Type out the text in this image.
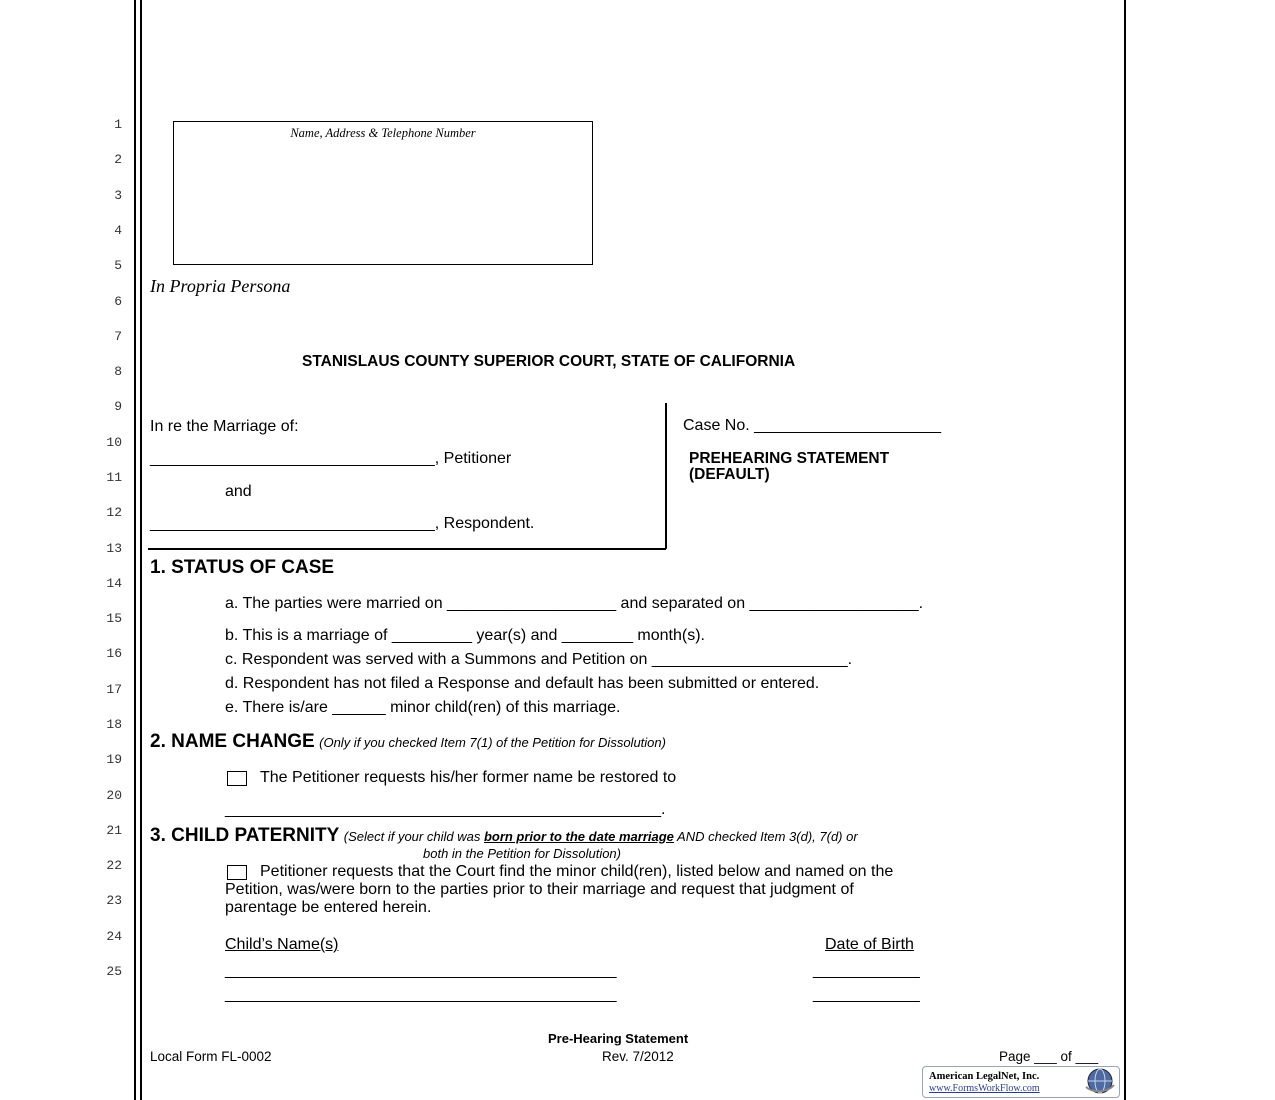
1
2
3
4
5
6
7
8
9
10
11
12
13
14
15
16
17
18
19
20
21
22
23
24
25
Name, Address & Telephone Number
In Propria Persona
STANISLAUS COUNTY SUPERIOR COURT, STATE OF CALIFORNIA
In re the Marriage of:
________________________________, Petitioner
and
________________________________, Respondent.
Case No. _____________________
PREHEARING STATEMENT
(DEFAULT)
1. STATUS OF CASE
a. The parties were married on ___________________ and separated on ___________________.
b. This is a marriage of _________ year(s) and ________ month(s).
c. Respondent was served with a Summons and Petition on ______________________.
d. Respondent has not filed a Response and default has been submitted or entered.
e. There is/are ______ minor child(ren) of this marriage.
2. NAME CHANGE (Only if you checked Item 7(1) of the Petition for Dissolution)
The Petitioner requests his/her former name be restored to
_________________________________________________.
3. CHILD PATERNITY (Select if your child was born prior to the date marriage AND checked Item 3(d), 7(d) or
both in the Petition for Dissolution)
Petitioner requests that the Court find the minor child(ren), listed below and named on the
Petition, was/were born to the parties prior to their marriage and request that judgment of
parentage be entered herein.
Child’s Name(s)	Date of Birth
____________________________________________	____________
____________________________________________	____________
Pre-Hearing Statement
Local Form FL-0002	Rev. 7/2012	Page ___ of ___
American LegalNet, Inc.
www.FormsWorkFlow.com
